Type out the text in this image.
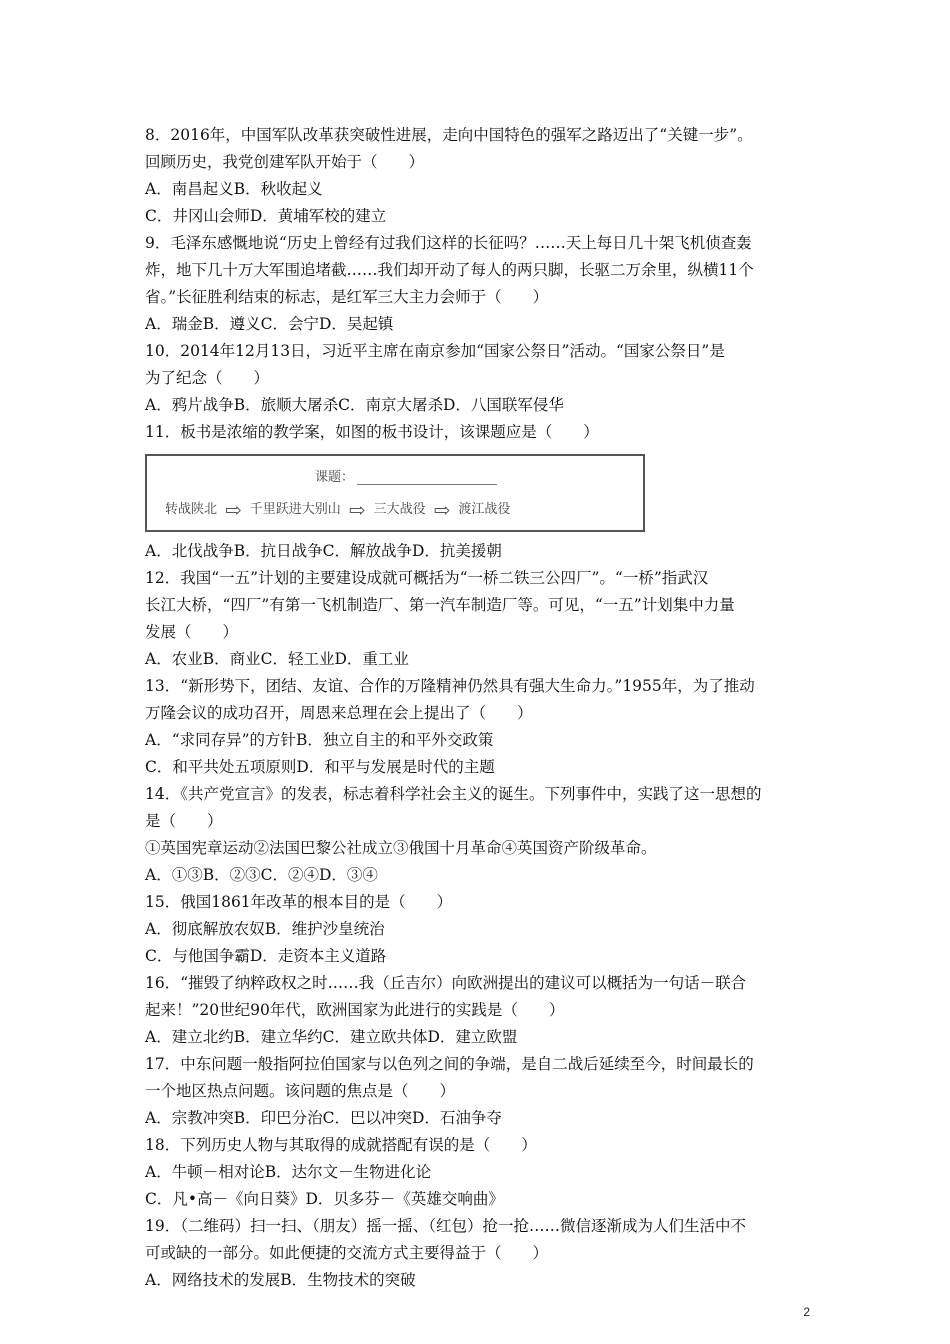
8．2016年，中国军队改革获突破性进展，走向中国特色的强军之路迈出了“关键一步”。
回顾历史，我党创建军队开始于（　　）
A．南昌起义B．秋收起义
C．井冈山会师D．黄埔军校的建立
9．毛泽东感慨地说“历史上曾经有过我们这样的长征吗？……天上每日几十架飞机侦查轰
炸，地下几十万大军围追堵截……我们却开动了每人的两只脚，长驱二万余里，纵横11个
省。”长征胜利结束的标志，是红军三大主力会师于（　　）
A．瑞金B．遵义C．会宁D．吴起镇
10．2014年12月13日，习近平主席在南京参加“国家公祭日”活动。“国家公祭日”是
为了纪念（　　）
A．鸦片战争B．旅顺大屠杀C．南京大屠杀D．八国联军侵华
11．板书是浓缩的教学案，如图的板书设计，该课题应是（　　）
课题：
转战陕北 ⇨ 千里跃进大别山 ⇨ 三大战役 ⇨ 渡江战役
A．北伐战争B．抗日战争C．解放战争D．抗美援朝
12．我国“一五”计划的主要建设成就可概括为“一桥二铁三公四厂”。“一桥”指武汉
长江大桥，“四厂”有第一飞机制造厂、第一汽车制造厂等。可见，“一五”计划集中力量
发展（　　）
A．农业B．商业C．轻工业D．重工业
13．“新形势下，团结、友谊、合作的万隆精神仍然具有强大生命力。”1955年，为了推动
万隆会议的成功召开，周恩来总理在会上提出了（　　）
A．“求同存异”的方针B．独立自主的和平外交政策
C．和平共处五项原则D．和平与发展是时代的主题
14．《共产党宣言》的发表，标志着科学社会主义的诞生。下列事件中，实践了这一思想的
是（　　）
①英国宪章运动②法国巴黎公社成立③俄国十月革命④英国资产阶级革命。
A．①③B．②③C．②④D．③④
15．俄国1861年改革的根本目的是（　　）
A．彻底解放农奴B．维护沙皇统治
C．与他国争霸D．走资本主义道路
16．“摧毁了纳粹政权之时……我（丘吉尔）向欧洲提出的建议可以概括为一句话－联合
起来！”20世纪90年代，欧洲国家为此进行的实践是（　　）
A．建立北约B．建立华约C．建立欧共体D．建立欧盟
17．中东问题一般指阿拉伯国家与以色列之间的争端，是自二战后延续至今，时间最长的
一个地区热点问题。该问题的焦点是（　　）
A．宗教冲突B．印巴分治C．巴以冲突D．石油争夺
18．下列历史人物与其取得的成就搭配有误的是（　　）
A．牛顿－相对论B．达尔文－生物进化论
C．凡•高－《向日葵》D．贝多芬－《英雄交响曲》
19．（二维码）扫一扫、（朋友）摇一摇、（红包）抢一抢……微信逐渐成为人们生活中不
可或缺的一部分。如此便捷的交流方式主要得益于（　　）
A．网络技术的发展B．生物技术的突破
2
